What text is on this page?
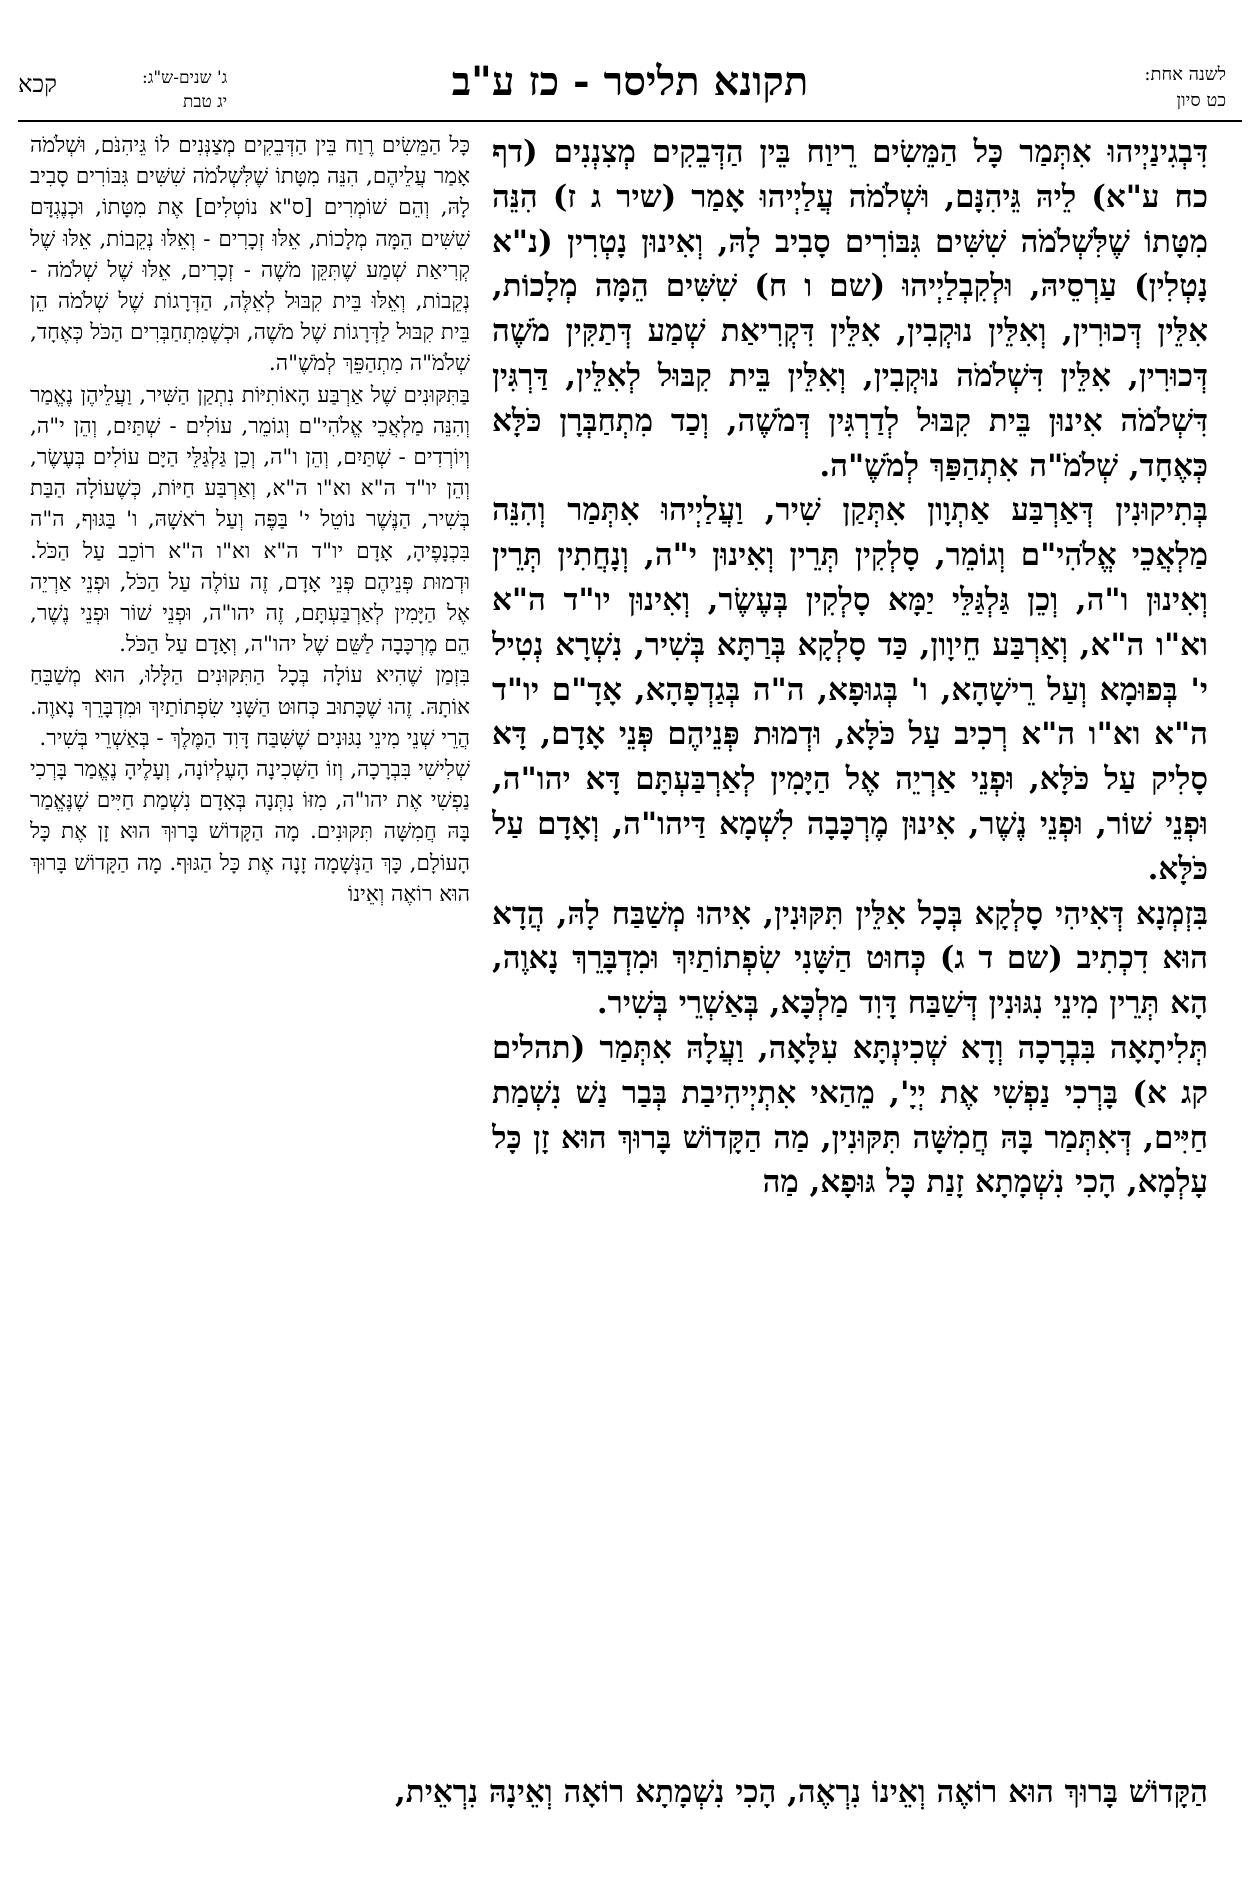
קכא	ג' שנים-ש"ג:
יג טבת	תקונא תליסר - כז ע"ב	לשנה אחת:
כט סיון

דִּבְגִינַיְיהוּ אִתְּמַר כָּל הַמֵּשִׂים רֵיוַח בֵּין הַדְּבֵקִים מְצִנְנִים (דף כח ע"א) לֵיהּ גֵּיהִנָּם, וּשְׁלֹמֹה עֲלַיְיהוּ אָמַר (שיר ג ז) הִנֵּה מִטָּתוֹ שֶׁלִּשְׁלֹמֹה שִׁשִּׁים גִּבּוֹרִים סָבִיב לָהּ, וְאִינוּן נָטְרִין (נ"א נָטְלִין) עַרְסֵיהּ, וּלְקִבְלַיְיהוּ (שם ו ח) שִׁשִּׁים הֵמָּה מְלָכוֹת, אִלֵּין דְּכוּרִין, וְאִלֵּין נוּקְבִין, אִלֵּין דִּקְרִיאַת שְׁמַע דְּתַקִּין מֹשֶׁה דְּכוּרִין, אִלֵּין דִּשְׁלֹמֹה נוּקְבִין, וְאִלֵּין בֵּית קִבּוּל לְאִלֵּין, דַּרְגִּין דִּשְׁלֹמֹה אִינוּן בֵּית קִבּוּל לְדַרְגִּין דְּמֹשֶׁה, וְכַד מִתְחַבְּרָן כֹּלָּא כְּאֶחָד, שְׁלֹמֹ"ה אִתְהַפַּךְ לְמֹשֶׁ"ה.

בְּתִיקוּנִין דְּאַרְבַּע אַתְוָון אִתְּקַן שִׁיר, וַעֲלַיְיהוּ אִתְּמַר וְהִנֵּה מַלְאֲכֵי אֱלֹהִי"ם וְגוֹמֵר, סָלְקִין תְּרֵין וְאִינוּן י"ה, וְנָחֲתִין תְּרֵין וְאִינוּן ו"ה, וְכֵן גַּלְגַּלֵּי יַמָּא סָלְקִין בְּעֶשֶׂר, וְאִינוּן יו"ד ה"א וא"ו ה"א, וְאַרְבַּע חֵיוָון, כַּד סָלְקָא בְּרַתָּא בְּשִׁיר, נִשְׁרָא נְטִיל י' בְּפוּמָא וְעַל רֵישָׁהָא, ו' בְּגוּפָא, ה"ה בְּגַדְפָהָא, אָדָ"ם יו"ד ה"א וא"ו ה"א רְכִיב עַל כֹּלָּא, וּדְמוּת פְּנֵיהֶם פְּנֵי אָדָם, דָּא סָלִיק עַל כֹּלָּא, וּפְנֵי אַרְיֵה אֶל הַיָּמִין לְאַרְבַּעְתָּם דָּא יהו"ה, וּפְנֵי שׁוֹר, וּפְנֵי נֶשֶׁר, אִינוּן מֶרְכָּבָה לִשְׁמָא דַּיהו"ה, וְאָדָם עַל כֹּלָּא.

בִּזְמְנָא דְּאִיהִי סָלְקָא בְּכָל אִלֵּין תִּקּוּנִין, אִיהוּ מְשַׁבַּח לָהּ, הֲדָא הוּא דִכְתִיב (שם ד ג) כְּחוּט הַשָּׁנִי שִׂפְתוֹתַיִךְ וּמִדְבָּרֵךְ נָאוֶה, הָא תְּרֵין מִינֵי נִגּוּנִין דְּשַׁבַּח דָּוִד מַלְכָּא, בְּאַשְׁרֵי בְּשִׁיר.

תְּלִיתָאָה בִּבְרָכָה וְדָא שְׁכִינְתָּא עִלָּאָה, וַעֲלָהּ אִתְּמַר (תהלים קג א) בָּרְכִי נַפְשִׁי אֶת יְיָ', מֵהַאי אִתְיְיהִיבַת בְּבַר נַשׁ נִשְׁמַת חַיִּים, דְּאִתְּמַר בָּהּ חֲמִשָּׁה תִּקּוּנִין, מַה הַקָּדוֹשׁ בָּרוּךְ הוּא זָן כָּל עָלְמָא, הָכִי נִשְׁמָתָא זָנַת כָּל גּוּפָא, מַה

כָּל הַמֵּשִׂים רֶוַח בֵּין הַדְּבֵקִים מְצַנְּנִים לוֹ גֵּיהִנֹּם, וּשְׁלֹמֹה אָמַר עֲלֵיהֶם, הִנֵּה מִטָּתוֹ שֶׁלִּשְׁלֹמֹה שִׁשִּׁים גִּבּוֹרִים סָבִיב לָהּ, וְהֵם שׁוֹמְרִים [ס"א נוֹטְלִים] אֶת מִטָּתוֹ, וּכְנֶגְדָּם שִׁשִּׁים הֵמָּה מְלָכוֹת, אֵלּוּ זְכָרִים - וְאֵלּוּ נְקֵבוֹת, אֵלּוּ שֶׁל קְרִיאַת שְׁמַע שֶׁתִּקֵּן מֹשֶׁה - זְכָרִים, אֵלּוּ שֶׁל שְׁלֹמֹה - נְקֵבוֹת, וְאֵלּוּ בֵּית קִבּוּל לְאֵלֶּה, הַדְּרָגוֹת שֶׁל שְׁלֹמֹה הֵן בֵּית קִבּוּל לַדְּרָגוֹת שֶׁל מֹשֶׁה, וּכְשֶׁמִּתְחַבְּרִים הַכֹּל כְּאֶחָד, שְׁלֹמֹ"ה מִתְהַפֵּךְ לְמֹשֶׁ"ה.

בַּתִּקּוּנִים שֶׁל אַרְבַּע הָאוֹתִיּוֹת נִתְקַן הַשִּׁיר, וַעֲלֵיהֶן נֶאֱמַר וְהִנֵּה מַלְאֲכֵי אֱלֹהִי"ם וְגוֹמֵר, עוֹלִים - שְׁתַּיִם, וְהֵן י"ה, וְיוֹרְדִים - שְׁתַּיִם, וְהֵן ו"ה, וְכֵן גַּלְגַּלֵּי הַיָּם עוֹלִים בְּעֶשֶׂר, וְהֵן יו"ד ה"א וא"ו ה"א, וְאַרְבַּע חַיּוֹת, כְּשֶׁעוֹלָה הַבַּת בְּשִׁיר, הַנֶּשֶׁר נוֹטֵל י' בַּפֶּה וְעַל רֹאשָׁהּ, ו' בַּגּוּף, ה"ה בִּכְנָפֶיהָ, אָדָם יו"ד ה"א וא"ו ה"א רוֹכֵב עַל הַכֹּל. וּדְמוּת פְּנֵיהֶם פְּנֵי אָדָם, זֶה עוֹלֶה עַל הַכֹּל, וּפְנֵי אַרְיֵה אֶל הַיָּמִין לְאַרְבַּעְתָּם, זֶה יהו"ה, וּפְנֵי שׁוֹר וּפְנֵי נֶשֶׁר, הֵם מֶרְכָּבָה לַשֵּׁם שֶׁל יהו"ה, וְאָדָם עַל הַכֹּל.

בִּזְמַן שֶׁהִיא עוֹלָה בְּכָל הַתִּקּוּנִים הַלָּלוּ, הוּא מְשַׁבֵּחַ אוֹתָהּ. זֶהוּ שֶׁכָּתוּב כְּחוּט הַשָּׁנִי שִׂפְתוֹתַיִךְ וּמִדְבָּרֵךְ נָאוֶה. הֲרֵי שְׁנֵי מִינֵי נִגּוּנִים שֶׁשִּׁבַּח דָּוִד הַמֶּלֶךְ - בְּאַשְׁרֵי בְּשִׁיר.

שְׁלִישִׁי בִּבְרָכָה, וְזוֹ הַשְּׁכִינָה הָעֶלְיוֹנָה, וְעָלֶיהָ נֶאֱמַר בָּרְכִי נַפְשִׁי אֶת יהו"ה, מִזּוֹ נִתְּנָה בְּאָדָם נִשְׁמַת חַיִּים שֶׁנֶּאֱמַר בָּהּ חֲמִשָּׁה תִּקּוּנִים. מָה הַקָּדוֹשׁ בָּרוּךְ הוּא זָן אֶת כָּל הָעוֹלָם, כָּךְ הַנְּשָׁמָה זָנָה אֶת כָּל הַגּוּף. מָה הַקָּדוֹשׁ בָּרוּךְ הוּא רוֹאֶה וְאֵינוֹ

הַקָּדוֹשׁ בָּרוּךְ הוּא רוֹאֶה וְאֵינוֹ נִרְאֶה, הָכִי נִשְׁמָתָא רוֹאָה וְאֵינָהּ נִרְאֵית,
